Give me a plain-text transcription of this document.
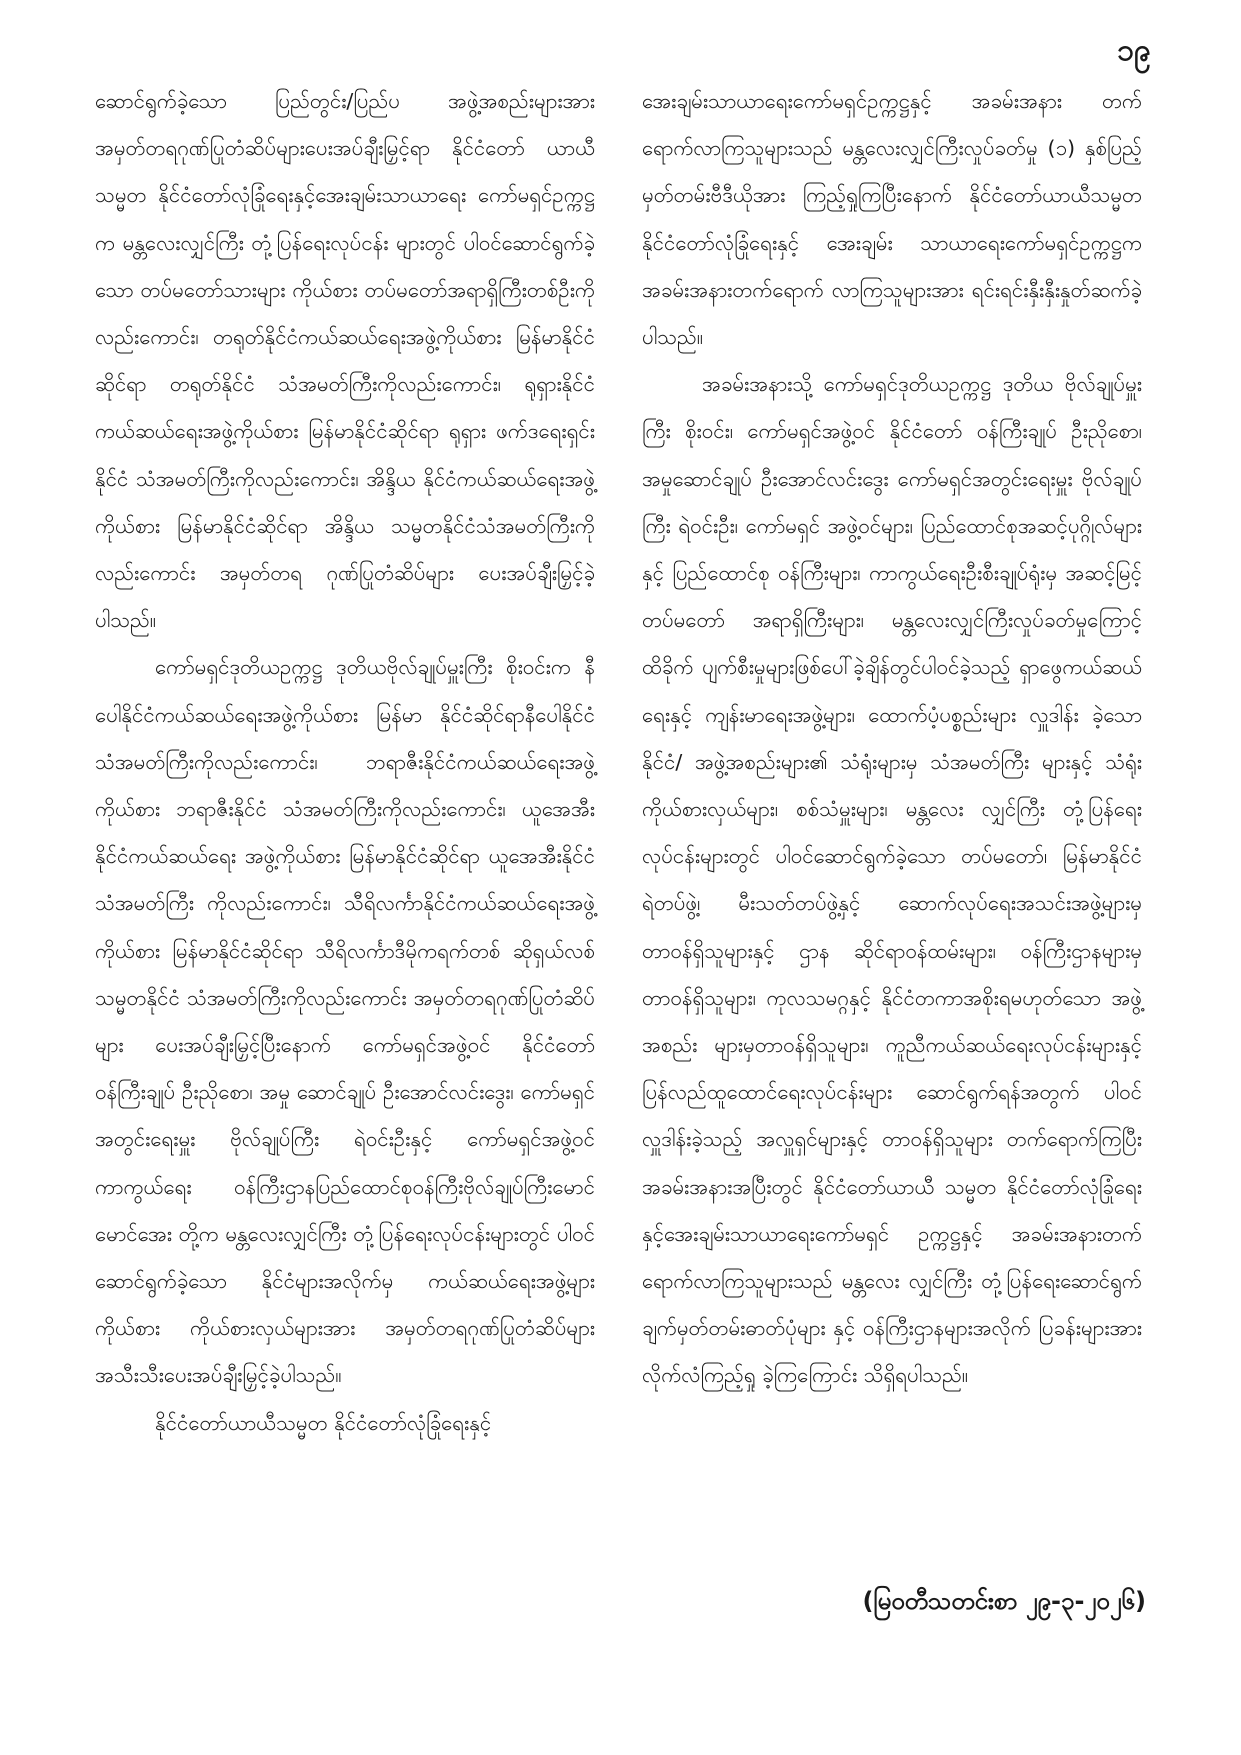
၁၉

ဆောင်ရွက်ခဲ့သော ပြည်တွင်း/ပြည်ပ အဖွဲ့အစည်းများအား အမှတ်တရဂုဏ်ပြုတံဆိပ်များပေးအပ်ချီးမြှင့်ရာ နိုင်ငံတော် ယာယီသမ္မတ နိုင်ငံတော်လုံခြုံရေးနှင့်အေးချမ်းသာယာရေး ကော်မရှင်ဥက္ကဋ္ဌက မန္တလေးလျှင်ကြီး တုံ့ပြန်ရေးလုပ်ငန်း များတွင် ပါဝင်ဆောင်ရွက်ခဲ့သော တပ်မတော်သားများ ကိုယ်စား တပ်မတော်အရာရှိကြီးတစ်ဦးကိုလည်းကောင်း၊ တရုတ်နိုင်ငံကယ်ဆယ်ရေးအဖွဲ့ကိုယ်စား မြန်မာနိုင်ငံဆိုင်ရာ တရုတ်နိုင်ငံ သံအမတ်ကြီးကိုလည်းကောင်း၊ ရုရှားနိုင်ငံ ကယ်ဆယ်ရေးအဖွဲ့ကိုယ်စား မြန်မာနိုင်ငံဆိုင်ရာ ရုရှား ဖက်ဒရေးရှင်းနိုင်ငံ သံအမတ်ကြီးကိုလည်းကောင်း၊ အိန္ဒိယ နိုင်ငံကယ်ဆယ်ရေးအဖွဲ့ကိုယ်စား မြန်မာနိုင်ငံဆိုင်ရာ အိန္ဒိယ သမ္မတနိုင်ငံသံအမတ်ကြီးကိုလည်းကောင်း အမှတ်တရ ဂုဏ်ပြုတံဆိပ်များ ပေးအပ်ချီးမြှင့်ခဲ့ပါသည်။

ကော်မရှင်ဒုတိယဥက္ကဋ္ဌ ဒုတိယဗိုလ်ချုပ်မှူးကြီး စိုးဝင်းက နီပေါနိုင်ငံကယ်ဆယ်ရေးအဖွဲ့ကိုယ်စား မြန်မာ နိုင်ငံဆိုင်ရာနီပေါနိုင်ငံ သံအမတ်ကြီးကိုလည်းကောင်း၊ ဘရာဇီးနိုင်ငံကယ်ဆယ်ရေးအဖွဲ့ကိုယ်စား ဘရာဇီးနိုင်ငံ သံအမတ်ကြီးကိုလည်းကောင်း၊ ယူအေအီးနိုင်ငံကယ်ဆယ်ရေး အဖွဲ့ကိုယ်စား မြန်မာနိုင်ငံဆိုင်ရာ ယူအေအီးနိုင်ငံသံအမတ်ကြီး ကိုလည်းကောင်း၊ သီရိလင်္ကာနိုင်ငံကယ်ဆယ်ရေးအဖွဲ့ ကိုယ်စား မြန်မာနိုင်ငံဆိုင်ရာ သီရိလင်္ကာဒီမိုကရက်တစ် ဆိုရှယ်လစ်သမ္မတနိုင်ငံ သံအမတ်ကြီးကိုလည်းကောင်း အမှတ်တရဂုဏ်ပြုတံဆိပ်များ ပေးအပ်ချီးမြှင့်ပြီးနောက် ကော်မရှင်အဖွဲ့ဝင် နိုင်ငံတော်ဝန်ကြီးချုပ် ဦးညိုစော၊ အမှု ဆောင်ချုပ် ဦးအောင်လင်းဒွေး၊ ကော်မရှင်အတွင်းရေးမှူး ဗိုလ်ချုပ်ကြီး ရဲဝင်းဦးနှင့် ကော်မရှင်အဖွဲ့ဝင် ကာကွယ်ရေး ဝန်ကြီးဌာနပြည်ထောင်စုဝန်ကြီးဗိုလ်ချုပ်ကြီးမောင်မောင်အေး တို့က မန္တလေးလျှင်ကြီး တုံ့ပြန်ရေးလုပ်ငန်းများတွင် ပါဝင် ဆောင်ရွက်ခဲ့သော နိုင်ငံများအလိုက်မှ ကယ်ဆယ်ရေးအဖွဲ့များ ကိုယ်စား ကိုယ်စားလှယ်များအား အမှတ်တရဂုဏ်ပြုတံဆိပ်များ အသီးသီးပေးအပ်ချီးမြှင့်ခဲ့ပါသည်။

နိုင်ငံတော်ယာယီသမ္မတ နိုင်ငံတော်လုံခြုံရေးနှင့်

အေးချမ်းသာယာရေးကော်မရှင်ဥက္ကဋ္ဌနှင့် အခမ်းအနား တက်ရောက်လာကြသူများသည် မန္တလေးလျှင်ကြီးလှုပ်ခတ်မှု (၁) နှစ်ပြည့် မှတ်တမ်းဗီဒီယိုအား ကြည့်ရှုကြပြီးနောက် နိုင်ငံတော်ယာယီသမ္မတ နိုင်ငံတော်လုံခြုံရေးနှင့် အေးချမ်း သာယာရေးကော်မရှင်ဥက္ကဋ္ဌက အခမ်းအနားတက်ရောက် လာကြသူများအား ရင်းရင်းနှီးနှီးနှုတ်ဆက်ခဲ့ပါသည်။

အခမ်းအနားသို့ ကော်မရှင်ဒုတိယဥက္ကဋ္ဌ ဒုတိယ ဗိုလ်ချုပ်မှူးကြီး စိုးဝင်း၊ ကော်မရှင်အဖွဲ့ဝင် နိုင်ငံတော် ဝန်ကြီးချုပ် ဦးညိုစော၊ အမှုဆောင်ချုပ် ဦးအောင်လင်းဒွေး ကော်မရှင်အတွင်းရေးမှူး ဗိုလ်ချုပ်ကြီး ရဲဝင်းဦး၊ ကော်မရှင် အဖွဲ့ဝင်များ၊ ပြည်ထောင်စုအဆင့်ပုဂ္ဂိုလ်များနှင့် ပြည်ထောင်စု ဝန်ကြီးများ၊ ကာကွယ်ရေးဦးစီးချုပ်ရုံးမှ အဆင့်မြင့်တပ်မတော် အရာရှိကြီးများ၊ မန္တလေးလျှင်ကြီးလှုပ်ခတ်မှုကြောင့် ထိခိုက် ပျက်စီးမှုများဖြစ်ပေါ်ခဲ့ချိန်တွင်ပါဝင်ခဲ့သည့် ရှာဖွေကယ်ဆယ် ရေးနှင့် ကျန်းမာရေးအဖွဲ့များ၊ ထောက်ပံ့ပစ္စည်းများ လှူဒါန်း ခဲ့သော နိုင်ငံ/ အဖွဲ့အစည်းများ၏ သံရုံးများမှ သံအမတ်ကြီး များနှင့် သံရုံးကိုယ်စားလှယ်များ၊ စစ်သံမှူးများ၊ မန္တလေး လျှင်ကြီး တုံ့ပြန်ရေးလုပ်ငန်းများတွင် ပါဝင်ဆောင်ရွက်ခဲ့သော တပ်မတော်၊ မြန်မာနိုင်ငံရဲတပ်ဖွဲ့၊ မီးသတ်တပ်ဖွဲ့နှင့် ဆောက်လုပ်ရေးအသင်းအဖွဲ့များမှ တာဝန်ရှိသူများနှင့် ဌာန ဆိုင်ရာဝန်ထမ်းများ၊ ဝန်ကြီးဌာနများမှ တာဝန်ရှိသူများ၊ ကုလသမဂ္ဂနှင့် နိုင်ငံတကာအစိုးရမဟုတ်သော အဖွဲ့အစည်း များမှတာဝန်ရှိသူများ၊ ကူညီကယ်ဆယ်ရေးလုပ်ငန်းများနှင့် ပြန်လည်ထူထောင်ရေးလုပ်ငန်းများ ဆောင်ရွက်ရန်အတွက် ပါဝင်လှူဒါန်းခဲ့သည့် အလှူရှင်များနှင့် တာဝန်ရှိသူများ တက်ရောက်ကြပြီး အခမ်းအနားအပြီးတွင် နိုင်ငံတော်ယာယီ သမ္မတ နိုင်ငံတော်လုံခြုံရေးနှင့်အေးချမ်းသာယာရေးကော်မရှင် ဥက္ကဋ္ဌနှင့် အခမ်းအနားတက်ရောက်လာကြသူများသည် မန္တလေး လျှင်ကြီး တုံ့ပြန်ရေးဆောင်ရွက်ချက်မှတ်တမ်းဓာတ်ပုံများ နှင့် ဝန်ကြီးဌာနများအလိုက် ပြခန်းများအား လိုက်လံကြည့်ရှု ခဲ့ကြကြောင်း သိရှိရပါသည်။

(မြဝတီသတင်းစာ ၂၉-၃-၂၀၂၆)
